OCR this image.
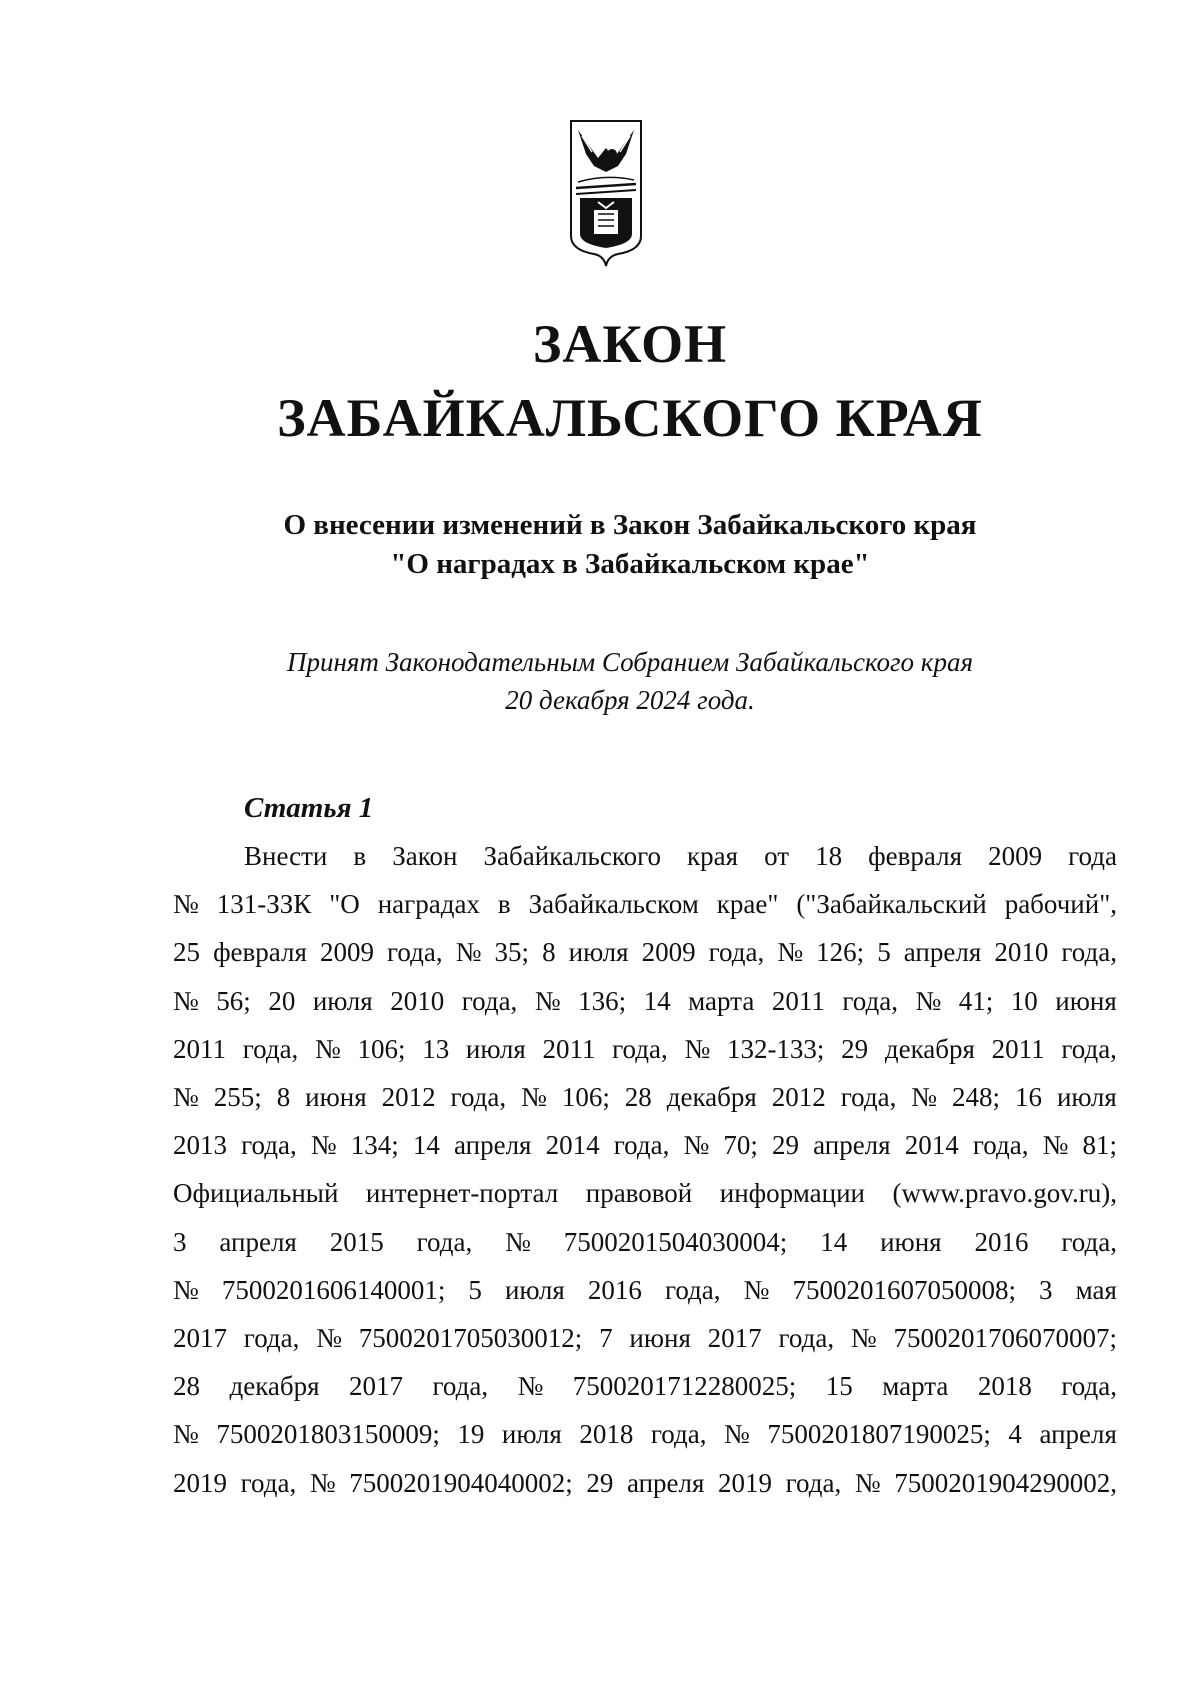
ЗАКОН
ЗАБАЙКАЛЬСКОГО КРАЯ
О внесении изменений в Закон Забайкальского края
"О наградах в Забайкальском крае"
Принят Законодательным Собранием Забайкальского края
20 декабря 2024 года.
Статья 1
Внести в Закон Забайкальского края от 18 февраля 2009 года
№ 131-ЗЗК "О наградах в Забайкальском крае" ("Забайкальский рабочий",
25 февраля 2009 года, № 35; 8 июля 2009 года, № 126; 5 апреля 2010 года,
№ 56; 20 июля 2010 года, № 136; 14 марта 2011 года, № 41; 10 июня
2011 года, № 106; 13 июля 2011 года, № 132-133; 29 декабря 2011 года,
№ 255; 8 июня 2012 года, № 106; 28 декабря 2012 года, № 248; 16 июля
2013 года, № 134; 14 апреля 2014 года, № 70; 29 апреля 2014 года, № 81;
Официальный интернет-портал правовой информации (www.pravo.gov.ru),
3 апреля 2015 года, № 7500201504030004; 14 июня 2016 года,
№ 7500201606140001; 5 июля 2016 года, № 7500201607050008; 3 мая
2017 года, № 7500201705030012; 7 июня 2017 года, № 7500201706070007;
28 декабря 2017 года, № 7500201712280025; 15 марта 2018 года,
№ 7500201803150009; 19 июля 2018 года, № 7500201807190025; 4 апреля
2019 года, № 7500201904040002; 29 апреля 2019 года, № 7500201904290002,
